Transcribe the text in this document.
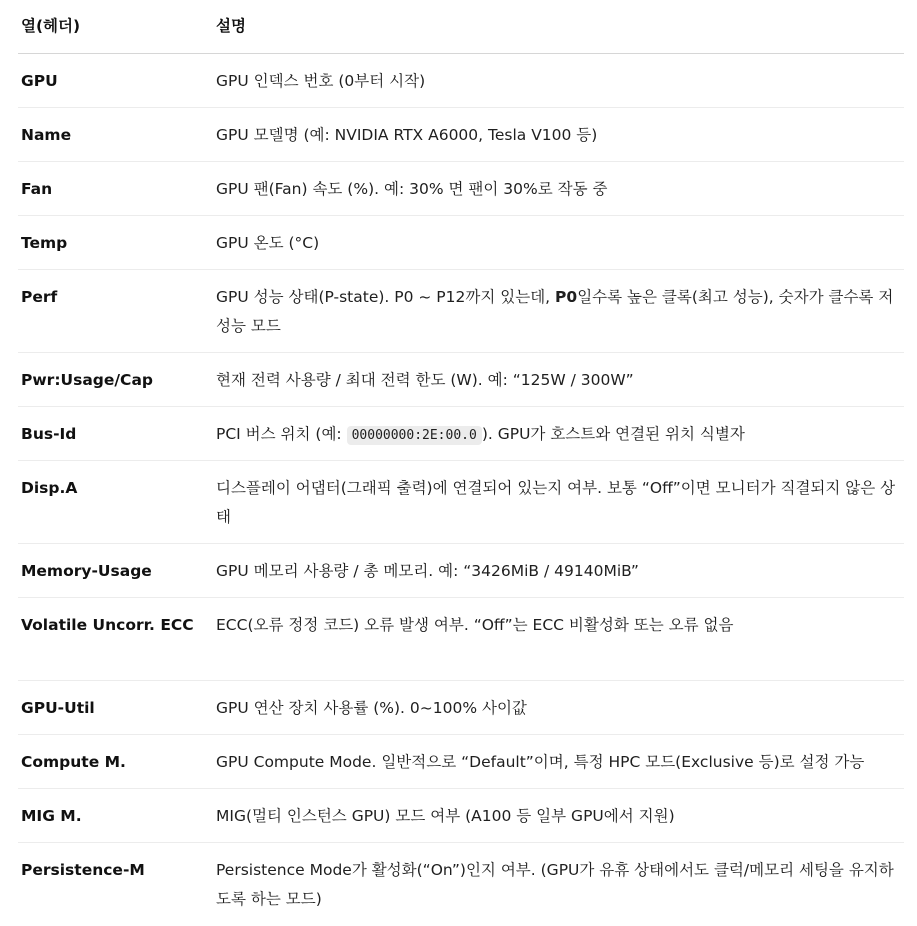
열(헤더)	설명
GPU	GPU 인덱스 번호 (0부터 시작)
Name	GPU 모델명 (예: NVIDIA RTX A6000, Tesla V100 등)
Fan	GPU 팬(Fan) 속도 (%). 예: 30% 면 팬이 30%로 작동 중
Temp	GPU 온도 (°C)
Perf	GPU 성능 상태(P-state). P0 ~ P12까지 있는데, P0일수록 높은 클록(최고 성능), 숫자가 클수록 저성능 모드
Pwr:Usage/Cap	현재 전력 사용량 / 최대 전력 한도 (W). 예: “125W / 300W”
Bus-Id	PCI 버스 위치 (예: 00000000:2E:00.0 ). GPU가 호스트와 연결된 위치 식별자
Disp.A	디스플레이 어댑터(그래픽 출력)에 연결되어 있는지 여부. 보통 “Off”이면 모니터가 직결되지 않은 상태
Memory-Usage	GPU 메모리 사용량 / 총 메모리. 예: “3426MiB / 49140MiB”
Volatile Uncorr. ECC	ECC(오류 정정 코드) 오류 발생 여부. “Off”는 ECC 비활성화 또는 오류 없음
GPU-Util	GPU 연산 장치 사용률 (%). 0~100% 사이값
Compute M.	GPU Compute Mode. 일반적으로 “Default”이며, 특정 HPC 모드(Exclusive 등)로 설정 가능
MIG M.	MIG(멀티 인스턴스 GPU) 모드 여부 (A100 등 일부 GPU에서 지원)
Persistence-M	Persistence Mode가 활성화(“On”)인지 여부. (GPU가 유휴 상태에서도 클럭/메모리 세팅을 유지하도록 하는 모드)
